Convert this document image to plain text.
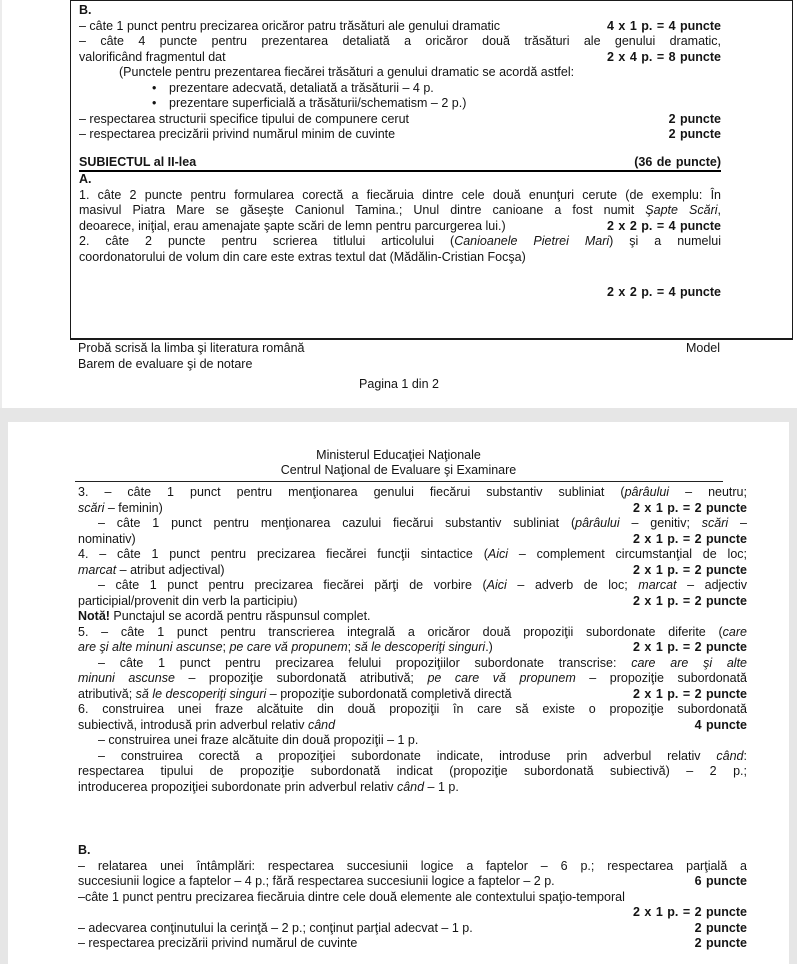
B.
– câte 1 punct pentru precizarea oricăror patru trăsături ale genului dramatic	4 x 1 p. = 4 puncte
– câte 4 puncte pentru prezentarea detaliată a oricăror două trăsături ale genului dramatic,
valorificând fragmentul dat	2 x 4 p. = 8 puncte
(Punctele pentru prezentarea fiecărei trăsături a genului dramatic se acordă astfel:
•	prezentare adecvată, detaliată a trăsăturii – 4 p.
•	prezentare superficială a trăsăturii/schematism – 2 p.)
– respectarea structurii specifice tipului de compunere cerut	2 puncte
– respectarea precizării privind numărul minim de cuvinte	2 puncte
SUBIECTUL al II-lea	(36 de puncte)
A.
1. câte 2 puncte pentru formularea corectă a fiecăruia dintre cele două enunţuri cerute (de exemplu: În
masivul Piatra Mare se găseşte Canionul Tamina.; Unul dintre canioane a fost numit Şapte Scări,
deoarece, iniţial, erau amenajate şapte scări de lemn pentru parcurgerea lui.)	2 x 2 p. = 4 puncte
2. câte 2 puncte pentru scrierea titlului articolului (Canioanele Pietrei Mari) şi a numelui
coordonatorului de volum din care este extras textul dat (Mădălin-Cristian Focşa)
2 x 2 p. = 4 puncte
Probă scrisă la limba şi literatura română	Model
Barem de evaluare şi de notare
Pagina 1 din 2
Ministerul Educaţiei Naţionale
Centrul Naţional de Evaluare şi Examinare
3. – câte 1 punct pentru menţionarea genului fiecărui substantiv subliniat (pârâului – neutru;
scări – feminin)	2 x 1 p. = 2 puncte
– câte 1 punct pentru menţionarea cazului fiecărui substantiv subliniat (pârâului – genitiv; scări –
nominativ)	2 x 1 p. = 2 puncte
4. – câte 1 punct pentru precizarea fiecărei funcţii sintactice (Aici – complement circumstanţial de loc;
marcat – atribut adjectival)	2 x 1 p. = 2 puncte
– câte 1 punct pentru precizarea fiecărei părţi de vorbire (Aici – adverb de loc; marcat – adjectiv
participial/provenit din verb la participiu)	2 x 1 p. = 2 puncte
Notă! Punctajul se acordă pentru răspunsul complet.
5. – câte 1 punct pentru transcrierea integrală a oricăror două propoziţii subordonate diferite (care
are şi alte minuni ascunse; pe care vă propunem; să le descoperiţi singuri.)	2 x 1 p. = 2 puncte
– câte 1 punct pentru precizarea felului propoziţiilor subordonate transcrise: care are şi alte
minuni ascunse – propoziţie subordonată atributivă; pe care vă propunem – propoziţie subordonată
atributivă; să le descoperiţi singuri – propoziţie subordonată completivă directă	2 x 1 p. = 2 puncte
6. construirea unei fraze alcătuite din două propoziţii în care să existe o propoziţie subordonată
subiectivă, introdusă prin adverbul relativ când	4 puncte
– construirea unei fraze alcătuite din două propoziţii – 1 p.
– construirea corectă a propoziţiei subordonate indicate, introduse prin adverbul relativ când:
respectarea tipului de propoziţie subordonată indicat (propoziţie subordonată subiectivă) – 2 p.;
introducerea propoziţiei subordonate prin adverbul relativ când – 1 p.
B.
– relatarea unei întâmplări: respectarea succesiunii logice a faptelor – 6 p.; respectarea parţială a
succesiunii logice a faptelor – 4 p.; fără respectarea succesiunii logice a faptelor – 2 p.	6 puncte
–câte 1 punct pentru precizarea fiecăruia dintre cele două elemente ale contextului spaţio-temporal
2 x 1 p. = 2 puncte
– adecvarea conţinutului la cerinţă – 2 p.; conţinut parţial adecvat – 1 p.	2 puncte
– respectarea precizării privind numărul de cuvinte	2 puncte
